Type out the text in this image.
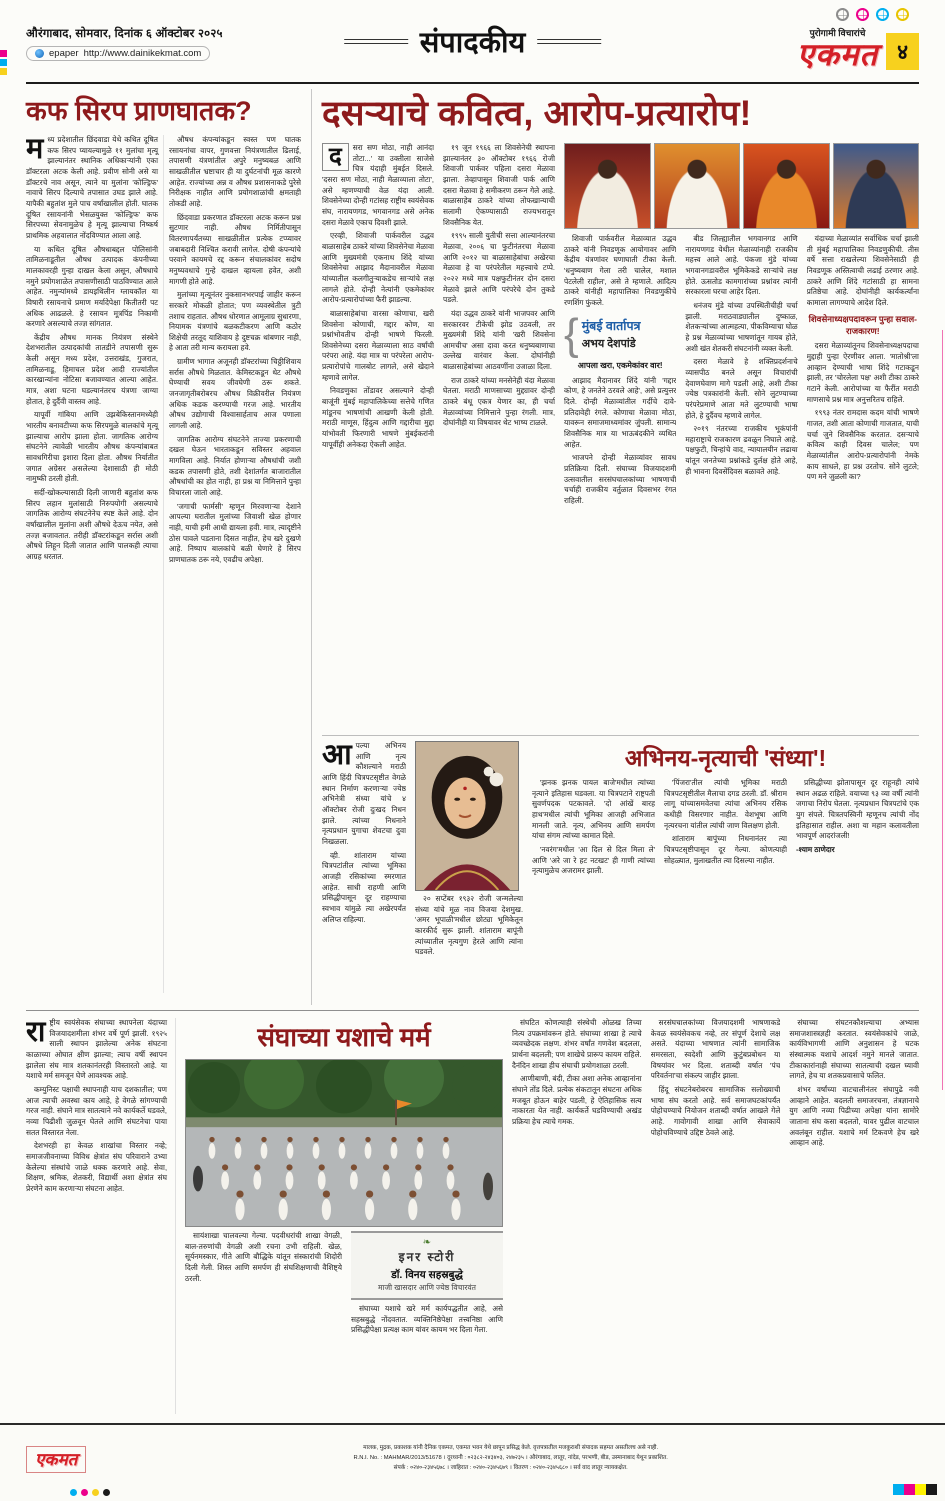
औरंगाबाद, सोमवार, दिनांक ६ ऑक्टोबर २०२५
epaper http://www.dainikekmat.com	संपादकीय	पुरोगामी विचारांचे
एकमत ४
कफ सिरप प्राणघातक?

मध्य प्रदेशातील छिंदवाडा येथे कथित दूषित कफ सिरप प्यायल्यामुळे ११ मुलांचा मृत्यू झाल्यानंतर स्थानिक अधिकाऱ्यांनी एका डॉक्टरला अटक केली आहे. प्रवीण सोनी असे या डॉक्टरचे नाव असून, त्याने या मुलांना 'कोल्ड्रिफ' नावाचे सिरप दिल्याचे तपासात उघड झाले आहे. यापैकी बहुतांश मुले पाच वर्षांखालील होती. घातक दूषित रसायनांनी भेसळयुक्त 'कोल्ड्रिफ' कफ सिरपच्या सेवनामुळेच हे मृत्यू झाल्याचा निष्कर्ष प्राथमिक अहवालात नोंदविण्यात आला आहे.

या कथित दूषित औषधाबद्दल पोलिसांनी तामिळनाडूतील औषध उत्पादक कंपनीच्या मालकावरही गुन्हा दाखल केला असून, औषधाचे नमुने प्रयोगशाळेत तपासणीसाठी पाठविण्यात आले आहेत. नमुन्यांमध्ये डायइथिलीन ग्लायकॉल या विषारी रसायनाचे प्रमाण मर्यादेपेक्षा कितीतरी पट अधिक आढळले. हे रसायन मूत्रपिंड निकामी करणारे असल्याचे तज्ज्ञ सांगतात.

केंद्रीय औषध मानक नियंत्रण संस्थेने देशभरातील उत्पादकांची तातडीने तपासणी सुरू केली असून मध्य प्रदेश, उत्तराखंड, गुजरात, तामिळनाडू, हिमाचल प्रदेश आदी राज्यांतील कारखान्यांना नोटिसा बजावण्यात आल्या आहेत. मात्र, अशा घटना घडल्यानंतरच यंत्रणा जाग्या होतात, हे दुर्दैवी वास्तव आहे.

यापूर्वी गांबिया आणि उझबेकिस्तानमध्येही भारतीय बनावटीच्या कफ सिरपमुळे बालकांचे मृत्यू झाल्याचा आरोप झाला होता. जागतिक आरोग्य संघटनेने त्यावेळी भारतीय औषध कंपन्यांबाबत सावधगिरीचा इशारा दिला होता. औषध निर्यातीत जगात अग्रेसर असलेल्या देशासाठी ही मोठी नामुष्की ठरली होती.

सर्दी-खोकल्यासाठी दिली जाणारी बहुतांश कफ सिरप लहान मुलांसाठी निरुपयोगी असल्याचे जागतिक आरोग्य संघटनेनेच स्पष्ट केले आहे. दोन वर्षांखालील मुलांना अशी औषधे देऊच नयेत, असे तज्ज्ञ बजावतात. तरीही डॉक्टरांकडून सर्रास अशी औषधे लिहून दिली जातात आणि पालकही त्याचा आग्रह धरतात.

औषध कंपन्यांकडून स्वस्त पण घातक रसायनांचा वापर, गुणवत्ता नियंत्रणातील ढिलाई, तपासणी यंत्रणांतील अपुरे मनुष्यबळ आणि साखळीतील भ्रष्टाचार ही या दुर्घटनांची मूळ कारणे आहेत. राज्यांच्या अन्न व औषध प्रशासनाकडे पुरेसे निरीक्षक नाहीत आणि प्रयोगशाळांची क्षमताही तोकडी आहे.

छिंदवाडा प्रकरणात डॉक्टरला अटक करून प्रश्न सुटणार नाही. औषध निर्मितीपासून वितरणापर्यंतच्या साखळीतील प्रत्येक टप्प्यावर जबाबदारी निश्चित करावी लागेल. दोषी कंपन्यांचे परवाने कायमचे रद्द करून संचालकांवर सदोष मनुष्यवधाचे गुन्हे दाखल व्हायला हवेत, अशी मागणी होते आहे.

मुलांच्या मृत्यूनंतर नुकसानभरपाई जाहीर करून सरकारे मोकळी होतात; पण व्यवस्थेतील त्रुटी तशाच राहतात. औषध धोरणात आमूलाग्र सुधारणा, नियामक यंत्रणांचे बळकटीकरण आणि कठोर शिक्षेची तरतूद याशिवाय हे दुष्टचक्र थांबणार नाही, हे आता तरी मान्य करायला हवे.

ग्रामीण भागात अजूनही डॉक्टरांच्या चिठ्ठीशिवाय सर्रास औषधे मिळतात. केमिस्टकडून थेट औषधे घेण्याची सवय जीवघेणी ठरू शकते. जनजागृतीबरोबरच औषध विक्रीवरील नियंत्रण अधिक कडक करण्याची गरज आहे. भारतीय औषध उद्योगाची विश्वासार्हताच आज पणाला लागली आहे.

जागतिक आरोग्य संघटनेने ताज्या प्रकरणाची दखल घेऊन भारताकडून सविस्तर अहवाल मागविला आहे. निर्यात होणाऱ्या औषधांची जशी कडक तपासणी होते, तशी देशांतर्गत बाजारातील औषधांची का होत नाही, हा प्रश्न या निमित्ताने पुन्हा विचारला जातो आहे.

'जगाची फार्मसी' म्हणून मिरवणाऱ्या देशाने आपल्या घरातील मुलांच्या जिवाशी खेळ होणार नाही, याची हमी आधी द्यायला हवी. मात्र, त्यादृष्टीने ठोस पावले पडताना दिसत नाहीत, हेच खरे दुखणे आहे. निष्पाप बालकांचे बळी घेणारे हे सिरप प्राणघातक ठरू नये, एवढीच अपेक्षा.

दसऱ्याचे कवित्व, आरोप-प्रत्यारोप!

द	सरा सण मोठा, नाही आनंदा तोटा...' या उक्तीला साजेसे चित्र यंदाही मुंबईत दिसले. 'दसरा सण मोठा, नाही मेळाव्याला तोटा', असे म्हणण्याची वेळ यंदा आली. शिवसेनेच्या दोन्ही गटांसह राष्ट्रीय स्वयंसेवक संघ, नारायणगड, भगवानगड असे अनेक दसरा मेळावे एकाच दिवशी झाले.

एरव्ही, शिवाजी पार्कवरील उद्धव बाळासाहेब ठाकरे यांच्या शिवसेनेचा मेळावा आणि मुख्यमंत्री एकनाथ शिंदे यांच्या शिवसेनेचा आझाद मैदानावरील मेळावा यांच्यातील कलगीतुऱ्याकडेच साऱ्यांचे लक्ष लागले होते. दोन्ही नेत्यांनी एकमेकांवर आरोप-प्रत्यारोपांच्या फैरी झाडल्या.

बाळासाहेबांचा वारसा कोणाचा, खरी शिवसेना कोणाची, गद्दार कोण, या प्रश्नांभोवतीच दोन्ही भाषणे फिरली. शिवसेनेच्या दसरा मेळाव्याला साठ वर्षांची परंपरा आहे. यंदा मात्र या परंपरेला आरोप-प्रत्यारोपांचे गालबोट लागले, असे खेदाने म्हणावे लागेल.

निवडणुका तोंडावर असल्याने दोन्ही बाजूंनी मुंबई महापालिकेच्या सत्तेचे गणित मांडूनच भाषणांची आखणी केली होती. मराठी माणूस, हिंदुत्व आणि गद्दारीचा मुद्दा यांभोवती फिरणारी भाषणे मुंबईकरांनी यापूर्वीही अनेकदा ऐकली आहेत.

१९ जून १९६६ ला शिवसेनेची स्थापना झाल्यानंतर ३० ऑक्टोबर १९६६ रोजी शिवाजी पार्कवर पहिला दसरा मेळावा झाला. तेव्हापासून शिवाजी पार्क आणि दसरा मेळावा हे समीकरण ठरून गेले आहे. बाळासाहेब ठाकरे यांच्या तोफखान्याची सलामी ऐकण्यासाठी राज्यभरातून शिवसैनिक येत.

१९९५ साली युतीची सत्ता आल्यानंतरचा मेळावा, २००६ चा फुटीनंतरचा मेळावा आणि २०१२ चा बाळासाहेबांचा अखेरचा मेळावा हे या परंपरेतील महत्त्वाचे टप्पे. २०२२ मध्ये मात्र पक्षफुटीनंतर दोन दसरा मेळावे झाले आणि परंपरेचे दोन तुकडे पडले.

यंदा उद्धव ठाकरे यांनी भाजपवर आणि सरकारवर टीकेची झोड उठवली, तर मुख्यमंत्री शिंदे यांनी 'खरी शिवसेना आमचीच' असा दावा करत धनुष्यबाणाचा उल्लेख वारंवार केला. दोघांनीही बाळासाहेबांच्या आठवणींना उजाळा दिला.

राज ठाकरे यांच्या मनसेनेही यंदा मेळावा घेतला. मराठी माणसाच्या मुद्द्यावर दोन्ही ठाकरे बंधू एकत्र येणार का, ही चर्चा मेळाव्यांच्या निमित्ताने पुन्हा रंगली. मात्र, दोघांनीही या विषयावर थेट भाष्य टाळले.

शिवाजी पार्कवरील मेळाव्यात उद्धव ठाकरे यांनी निवडणूक आयोगावर आणि केंद्रीय यंत्रणांवर घणाघाती टीका केली. 'धनुष्यबाण गेला तरी चालेल, मशाल पेटलेली राहील', असे ते म्हणाले. आदित्य ठाकरे यांनीही महापालिका निवडणुकीचे रणशिंग फुंकले.

{ मुंबई वार्तापत्र
अभय देशपांडे

आपला खरा, एकमेकांवर वार!

आझाद मैदानावर शिंदे यांनी 'गद्दार कोण, हे जनतेने ठरवले आहे', असे प्रत्युत्तर दिले. दोन्ही मेळाव्यांतील गर्दीचे दावे-प्रतिदावेही रंगले. कोणाचा मेळावा मोठा, यावरून समाजमाध्यमांवर जुंपली. सामान्य शिवसैनिक मात्र या भाऊबंदकीने व्यथित आहेत.

भाजपने दोन्ही मेळाव्यांवर सावध प्रतिक्रिया दिली. संघाच्या विजयादशमी उत्सवातील सरसंघचालकांच्या भाषणाची चर्चाही राजकीय वर्तुळात दिवसभर रंगत राहिली.

बीड जिल्ह्यातील भगवानगड आणि नारायणगड येथील मेळाव्यांनाही राजकीय महत्त्व आले आहे. पंकजा मुंडे यांच्या भगवानगडावरील भूमिकेकडे साऱ्यांचे लक्ष होते. ऊसतोड कामगारांच्या प्रश्नांवर त्यांनी सरकारला घरचा आहेर दिला.

धनंजय मुंडे यांच्या उपस्थितीचीही चर्चा झाली. मराठवाड्यातील दुष्काळ, शेतकऱ्यांच्या आत्महत्या, पीकविम्याचा घोळ हे प्रश्न मेळाव्यांच्या भाषणांतून गायब होते, अशी खंत शेतकरी संघटनांनी व्यक्त केली.

दसरा मेळावे हे शक्तिप्रदर्शनाचे व्यासपीठ बनले असून विचारांची देवाणघेवाण मागे पडली आहे, अशी टीका ज्येष्ठ पत्रकारांनी केली. सोने लुटण्याच्या परंपरेप्रमाणे आता मते लुटण्याची भाषा होते, हे दुर्दैवच म्हणावे लागेल.

२०१९ नंतरच्या राजकीय भूकंपांनी महाराष्ट्राचे राजकारण ढवळून निघाले आहे. पक्षफुटी, चिन्हांचे वाद, न्यायालयीन लढाया यांतून जनतेच्या प्रश्नांकडे दुर्लक्ष होते आहे, ही भावना दिवसेंदिवस बळावते आहे.

यंदाच्या मेळाव्यांत सर्वाधिक चर्चा झाली ती मुंबई महापालिका निवडणुकीची. तीस वर्षे सत्ता राखलेल्या शिवसेनेसाठी ही निवडणूक अस्तित्वाची लढाई ठरणार आहे. ठाकरे आणि शिंदे गटांसाठी हा सामना प्रतिष्ठेचा आहे. दोघांनीही कार्यकर्त्यांना कामाला लागण्याचे आदेश दिले.

शिवसेनाध्यक्षपदावरून पुन्हा सवाल-राजकारण!

दसरा मेळाव्यांतूनच शिवसेनाध्यक्षपदाचा मुद्दाही पुन्हा ऐरणीवर आला. 'मातोश्री'ला आव्हान देण्याची भाषा शिंदे गटाकडून झाली, तर 'चोरलेला पक्ष' अशी टीका ठाकरे गटाने केली. आरोपांच्या या फैरींत मराठी माणसाचे प्रश्न मात्र अनुत्तरितच राहिले.

१९९३ नंतर रामदास कदम यांची भाषणे गाजत, तशी आता कोणाची गाजतात, याची चर्चा जुने शिवसैनिक करतात. दसऱ्याचे कवित्व काही दिवस चालेल; पण मेळाव्यांतील आरोप-प्रत्यारोपांनी नेमके काय साधले, हा प्रश्न उरतोच. सोने लुटले; पण मने जुळली का?

आपल्या अभिनय आणि नृत्य कौशल्याने मराठी आणि हिंदी चित्रपटसृष्टीत वेगळे स्थान निर्माण करणाऱ्या ज्येष्ठ अभिनेत्री संध्या यांचे ४ ऑक्टोबर रोजी दुःखद निधन झाले. त्यांच्या निधनाने नृत्यप्रधान युगाचा शेवटचा दुवा निखळला.

व्ही. शांताराम यांच्या चित्रपटांतील त्यांच्या भूमिका आजही रसिकांच्या स्मरणात आहेत. साधी राहणी आणि प्रसिद्धीपासून दूर राहण्याचा स्वभाव यांमुळे त्या अखेरपर्यंत अलिप्त राहिल्या.

२० सप्टेंबर १९३२ रोजी जन्मलेल्या संध्या यांचे मूळ नाव विजया देशमुख. 'अमर भूपाळी'मधील छोट्या भूमिकेतून कारकीर्द सुरू झाली. शांताराम बापूंनी त्यांच्यातील नृत्यगुण हेरले आणि त्यांना घडवले.

अभिनय-नृत्याची 'संध्या'!

'झनक झनक पायल बाजे'मधील त्यांच्या नृत्याने इतिहास घडवला. या चित्रपटाने राष्ट्रपती सुवर्णपदक पटकावले. 'दो आंखें बारह हाथ'मधील त्यांची भूमिका आजही अभिजात मानली जाते. नृत्य, अभिनय आणि समर्पण यांचा संगम त्यांच्या कामात दिसे.

'नवरंग'मधील 'आ दिल से दिल मिला ले' आणि 'अरे जा रे हट नटखट' ही गाणी त्यांच्या नृत्यामुळेच अजरामर झाली.

'पिंजरा'तील त्यांची भूमिका मराठी चित्रपटसृष्टीतील मैलाचा दगड ठरली. डॉ. श्रीराम लागू यांच्यासमवेतचा त्यांचा अभिनय रसिक कधीही विसरणार नाहीत. वेशभूषा आणि नृत्यरचना यांतील त्यांची जाण विलक्षण होती.

शांताराम बापूंच्या निधनानंतर त्या चित्रपटसृष्टीपासून दूर गेल्या. कोणत्याही सोहळ्यात, मुलाखतीत त्या दिसल्या नाहीत.

प्रसिद्धीच्या झोतापासून दूर राहूनही त्यांचे स्थान अढळ राहिले. वयाच्या ९३ व्या वर्षी त्यांनी जगाचा निरोप घेतला. नृत्यप्रधान चित्रपटांचे एक युग संपले. चित्रतपस्विनी म्हणूनच त्यांची नोंद इतिहासात राहील. अशा या महान कलावतीला भावपूर्ण आदरांजली!

-श्याम ठाणेदार

राष्ट्रीय स्वयंसेवक संघाच्या स्थापनेला यंदाच्या विजयादशमीला शंभर वर्षे पूर्ण झाली. १९२५ साली स्थापन झालेल्या अनेक संघटना काळाच्या ओघात क्षीण झाल्या; त्याच वर्षी स्थापन झालेला संघ मात्र शतकानंतरही विस्तारतो आहे. या यशाचे मर्म समजून घेणे आवश्यक आहे.

कम्युनिस्ट पक्षाची स्थापनाही याच दशकातील; पण आज त्याची अवस्था काय आहे, हे वेगळे सांगण्याची गरज नाही. संघाने मात्र सातत्याने नवे कार्यकर्ते घडवले, नव्या पिढीशी जुळवून घेतले आणि संघटनेचा पाया सतत विस्तारत नेला.

देशभरही हा केवळ शाखांचा विस्तार नव्हे; समाजजीवनाच्या विविध क्षेत्रांत संघ परिवाराने उभ्या केलेल्या संस्थांचे जाळे थक्क करणारे आहे. सेवा, शिक्षण, श्रमिक, शेतकरी, विद्यार्थी अशा क्षेत्रांत संघ प्रेरणेने काम करणाऱ्या संघटना आहेत.

संघाच्या यशाचे मर्म

सायंशाखा चालवल्या गेल्या. पदवीधरांची शाखा वेगळी, बाल-तरुणांची वेगळी अशी रचना उभी राहिली. खेळ, सूर्यनमस्कार, गीते आणि बौद्धिके यांतून संस्कारांची शिदोरी दिली गेली. शिस्त आणि समर्पण ही संघशिक्षणाची वैशिष्ट्ये ठरली.

❧
इनर स्टोरी
डॉ. विनय सहस्रबुद्धे
माजी खासदार आणि ज्येष्ठ विचारवंत

संघाच्या यशाचे खरे मर्म कार्यपद्धतीत आहे, असे सहस्रबुद्धे नोंदवतात. व्यक्तिनिष्ठेपेक्षा तत्त्वनिष्ठा आणि प्रसिद्धीपेक्षा प्रत्यक्ष काम यांवर कायम भर दिला गेला.

संघटित कोणत्याही संस्थेची ओळख तिच्या नित्य उपक्रमांवरून होते. संघाच्या शाखा हे त्याचे व्यवच्छेदक लक्षण. शंभर वर्षांत गणवेश बदलला, प्रार्थना बदलली; पण शाखेचे प्रारूप कायम राहिले. दैनंदिन शाखा हीच संघाची प्रयोगशाळा ठरली.

आणीबाणी, बंदी, टीका अशा अनेक आव्हानांना संघाने तोंड दिले. प्रत्येक संकटातून संघटना अधिक मजबूत होऊन बाहेर पडली, हे ऐतिहासिक सत्य नाकारता येत नाही. कार्यकर्ते घडविण्याची अखंड प्रक्रिया हेच त्याचे गमक.

सरसंघचालकांच्या विजयादशमी भाषणाकडे केवळ स्वयंसेवकच नव्हे, तर संपूर्ण देशाचे लक्ष असते. यंदाच्या भाषणात त्यांनी सामाजिक समरसता, स्वदेशी आणि कुटुंबप्रबोधन या विषयांवर भर दिला. शताब्दी वर्षात 'पंच परिवर्तना'चा संकल्प जाहीर झाला.

हिंदू संघटनेबरोबरच सामाजिक सलोख्याची भाषा संघ करतो आहे. सर्व समाजघटकांपर्यंत पोहोचण्याचे नियोजन शताब्दी वर्षात आखले गेले आहे. गावोगावी शाखा आणि सेवाकार्ये पोहोचविण्याचे उद्दिष्ट ठेवले आहे.

संघाच्या संघटनकौशल्याचा अभ्यास समाजशास्त्रज्ञही करतात. स्वयंसेवकांचे जाळे, कार्यविभागणी आणि अनुशासन हे घटक संस्थात्मक यशाचे आदर्श नमुने मानले जातात. टीकाकारांनाही संघाच्या सातत्याची दखल घ्यावी लागते, हेच या शतकप्रवासाचे फलित.

शंभर वर्षांच्या वाटचालीनंतर संघापुढे नवी आव्हाने आहेत. बदलती समाजरचना, तंत्रज्ञानाचे युग आणि नव्या पिढीच्या अपेक्षा यांना सामोरे जाताना संघ कसा बदलतो, यावर पुढील वाटचाल अवलंबून राहील. यशाचे मर्म टिकवणे हेच खरे आव्हान आहे.

एकमत
मालक, मुद्रक, प्रकाशक यांनी दैनिक एकमत, एकमत भवन येथे छापून प्रसिद्ध केले. वृत्तपत्रातील मजकुराशी संपादक सहमत असतीलच असे नाही.
R.N.I. No. : MAHMAR/2013/51678 । दूरध्वनी : ०२३८२-२४३४०३, २४७२३५ । औरंगाबाद, लातूर, नांदेड, परभणी, बीड, उस्मानाबाद येथून प्रकाशित.
संपर्क : ०२४०-२३४५६७८ । जाहिरात : ०२४०-२३४५६७९ । वितरण : ०२४०-२३४५६८० । सर्व वाद लातूर न्यायकक्षेत.
